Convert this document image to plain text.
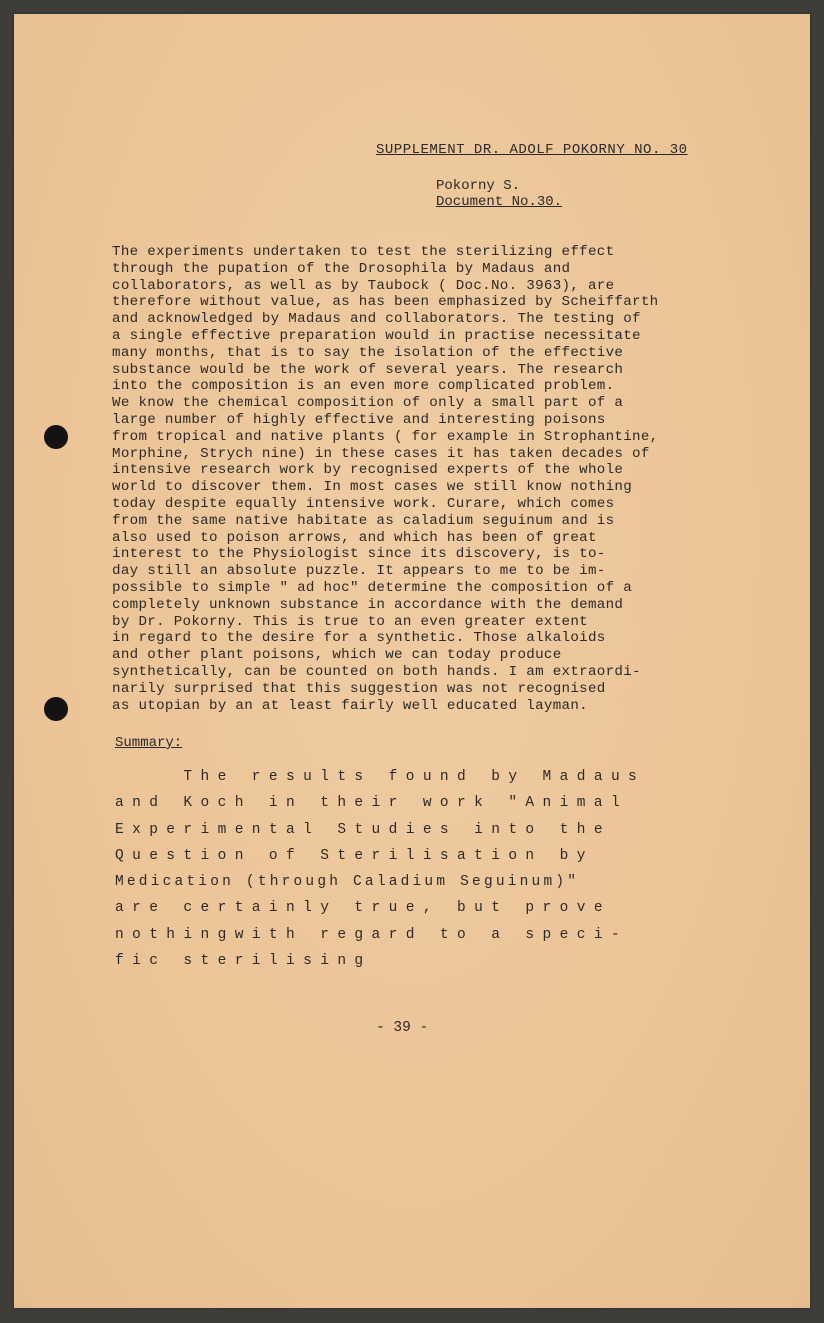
SUPPLEMENT DR. ADOLF POKORNY NO. 30
Pokorny S.
Document No.30.

The experiments undertaken to test the sterilizing effect

through the pupation of the Drosophila by Madaus and

collaborators, as well as by Taubock ( Doc.No. 3963), are

therefore without value, as has been emphasized by Scheiffarth

and acknowledged by Madaus and collaborators. The testing of

a single effective preparation would in practise necessitate

many months, that is to say the isolation of the effective

substance would be the work of several years. The research

into the composition is an even more complicated problem.

We know the chemical composition of only a small part of a

large number of highly effective and interesting poisons

from tropical and native plants ( for example in Strophantine,

Morphine, Strych nine) in these cases it has taken decades of

intensive research work by recognised experts of the whole

world to discover them. In most cases we still know nothing

today despite equally intensive work. Curare, which comes

from the same native habitate as caladium seguinum and is

also used to poison arrows, and which has been of great

interest to the Physiologist since its discovery, is to-

day still an absolute puzzle. It appears to me to be im-

possible to simple " ad hoc" determine the composition of a

completely unknown substance in accordance with the demand

by Dr. Pokorny. This is true to an even greater extent

in regard to the desire for a synthetic. Those alkaloids

and other plant poisons, which we can today produce

synthetically, can be counted on both hands. I am extraordi-

narily surprised that this suggestion was not recognised

as utopian by an at least fairly well educated layman.

Summary:

The results found by Madaus

and Koch in their work "Animal

Experimental Studies into the

Question of Sterilisation by

Medication (through Caladium Seguinum)"

are certainly true, but prove

nothingwith regard to a speci-

fic sterilising

- 39 -
